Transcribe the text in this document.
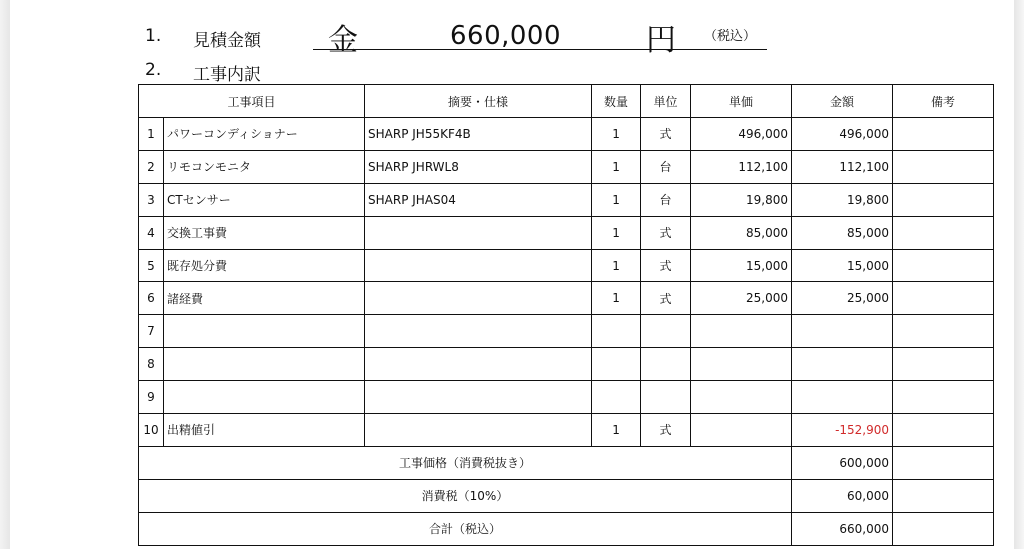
1. 見積金額 金	660,000	円 （税込）
2. 工事内訳
工事項目		摘要・仕様	数量	単位	単価	金額	備考
1	パワーコンディショナー	SHARP JH55KF4B	1	式	496,000	496,000	
2	リモコンモニタ	SHARP JHRWL8	1	台	112,100	112,100	
3	CTセンサー	SHARP JHAS04	1	台	19,800	19,800	
4	交換工事費		1	式	85,000	85,000	
5	既存処分費		1	式	15,000	15,000	
6	諸経費		1	式	25,000	25,000	
7							
8							
9							
10	出精値引		1	式		-152,900	
工事価格（消費税抜き）						600,000	
消費税（10%）						60,000	
合計（税込）						660,000	
